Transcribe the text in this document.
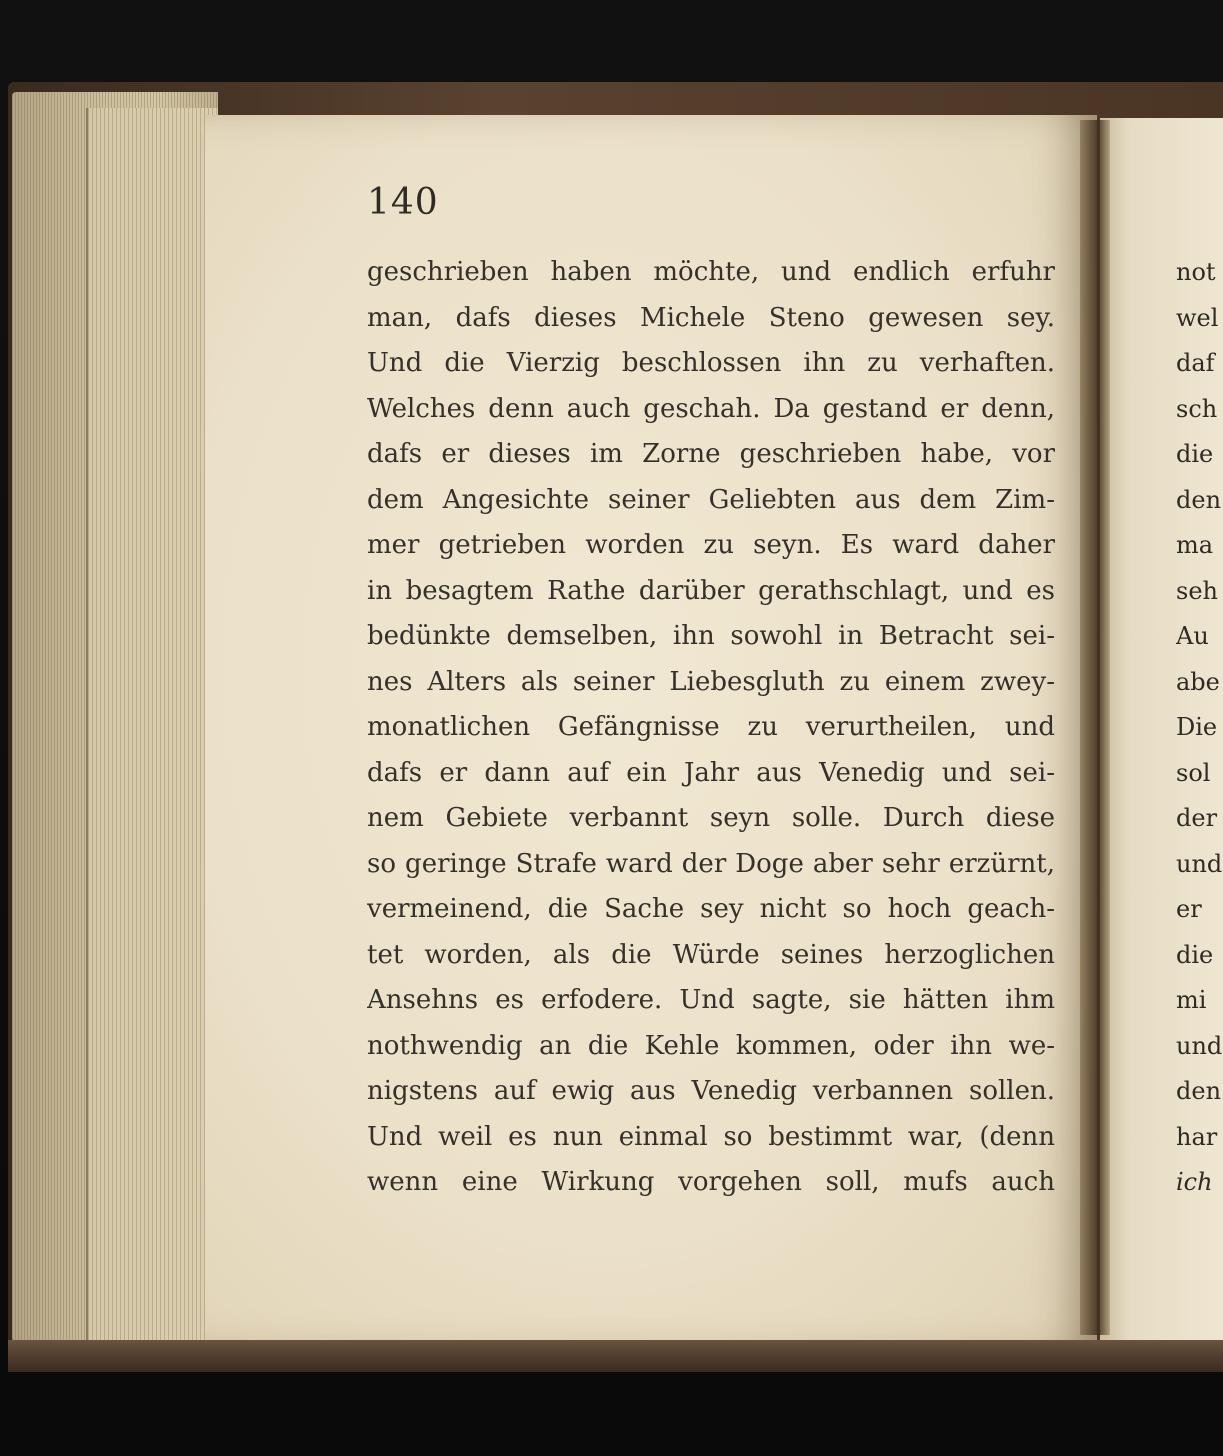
140
geschrieben haben möchte, und endlich erfuhr
man, dafs dieses Michele Steno gewesen sey.
Und die Vierzig beschlossen ihn zu verhaften.
Welches denn auch geschah. Da gestand er denn,
dafs er dieses im Zorne geschrieben habe, vor
dem Angesichte seiner Geliebten aus dem Zim-
mer getrieben worden zu seyn. Es ward daher
in besagtem Rathe darüber gerathschlagt, und es
bedünkte demselben, ihn sowohl in Betracht sei-
nes Alters als seiner Liebesgluth zu einem zwey-
monatlichen Gefängnisse zu verurtheilen, und
dafs er dann auf ein Jahr aus Venedig und sei-
nem Gebiete verbannt seyn solle. Durch diese
so geringe Strafe ward der Doge aber sehr erzürnt,
vermeinend, die Sache sey nicht so hoch geach-
tet worden, als die Würde seines herzoglichen
Ansehns es erfodere. Und sagte, sie hätten ihm
nothwendig an die Kehle kommen, oder ihn we-
nigstens auf ewig aus Venedig verbannen sollen.
Und weil es nun einmal so bestimmt war, (denn
wenn eine Wirkung vorgehen soll, mufs auch
not
wel
daf
sch
die
den
ma
seh
Au
abe
Die
sol
der
und
er
die
mi
und
den
har
ich
